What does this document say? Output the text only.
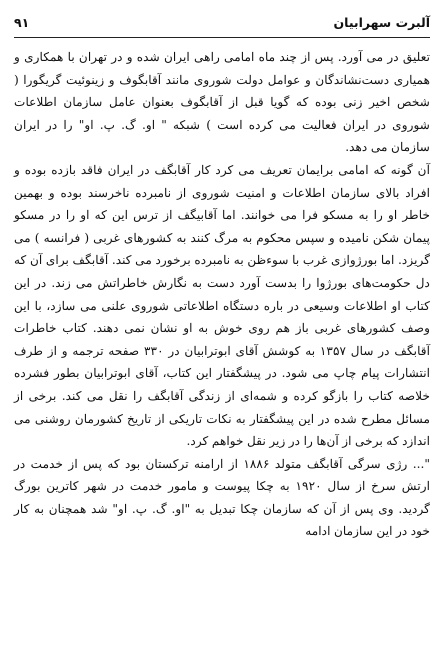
آلبرت سهرابیان
۹۱

تعلیق در می آورد. پس از چند ماه امامی راهی ایران شده و در تهران با همکاری و همیاری دست‌نشاندگان و عوامل دولت شوروی مانند آقابگوف و زینوئیت گریگورا ( شخص اخیر زنی بوده که گویا قبل از آقابگوف بعنوان عامل سازمان اطلاعات شوروی در ایران فعالیت می کرده است ) شبکه " او. گ. پ. او" را در ایران سازمان می دهد.

آن گونه که امامی برایمان تعریف می کرد کار آقابگف در ایران فاقد بازده بوده و افراد بالای سازمان اطلاعات و امنیت شوروی از نامبرده ناخرسند بوده و بهمین خاطر او را به مسکو فرا می خوانند. اما آقابیگف از ترس این که او را در مسکو پیمان شکن نامیده و سپس محکوم به مرگ کنند به کشورهای غربی ( فرانسه ) می گریزد. اما بورژوازی غرب با سوءظن به نامبرده برخورد می کند. آقابگف برای آن که دل حکومت‌های بورژوا را بدست آورد دست به نگارش خاطراتش می زند. در این کتاب او اطلاعات وسیعی در باره دستگاه اطلاعاتی شوروی علنی می سازد، با این وصف کشورهای غربی باز هم روی خوش به او نشان نمی دهند. کتاب خاطرات آقابگف در سال ۱۳۵۷ به کوشش آقای ابوترابیان در ۳۳۰ صفحه ترجمه و از طرف انتشارات پیام چاپ می شود. در پیشگفتار این کتاب، آقای ابوترابیان بطور فشرده خلاصه کتاب را بازگو کرده و شمه‌ای از زندگی آقابگف را نقل می کند. برخی از مسائل مطرح شده در این پیشگفتار به نکات تاریکی از تاریخ کشورمان روشنی می اندازد که برخی از آن‌ها را در زیر نقل خواهم کرد.

"... رژی سرگی آقابگف متولد ۱۸۸۶ از ارامنه ترکستان بود که پس از خدمت در ارتش سرخ از سال ۱۹۲۰ به چکا پیوست و مامور خدمت در شهر کاترین بورگ گردید. وی پس از آن که سازمان چکا تبدیل به "او. گ. پ. او" شد همچنان به کار خود در این سازمان ادامه
